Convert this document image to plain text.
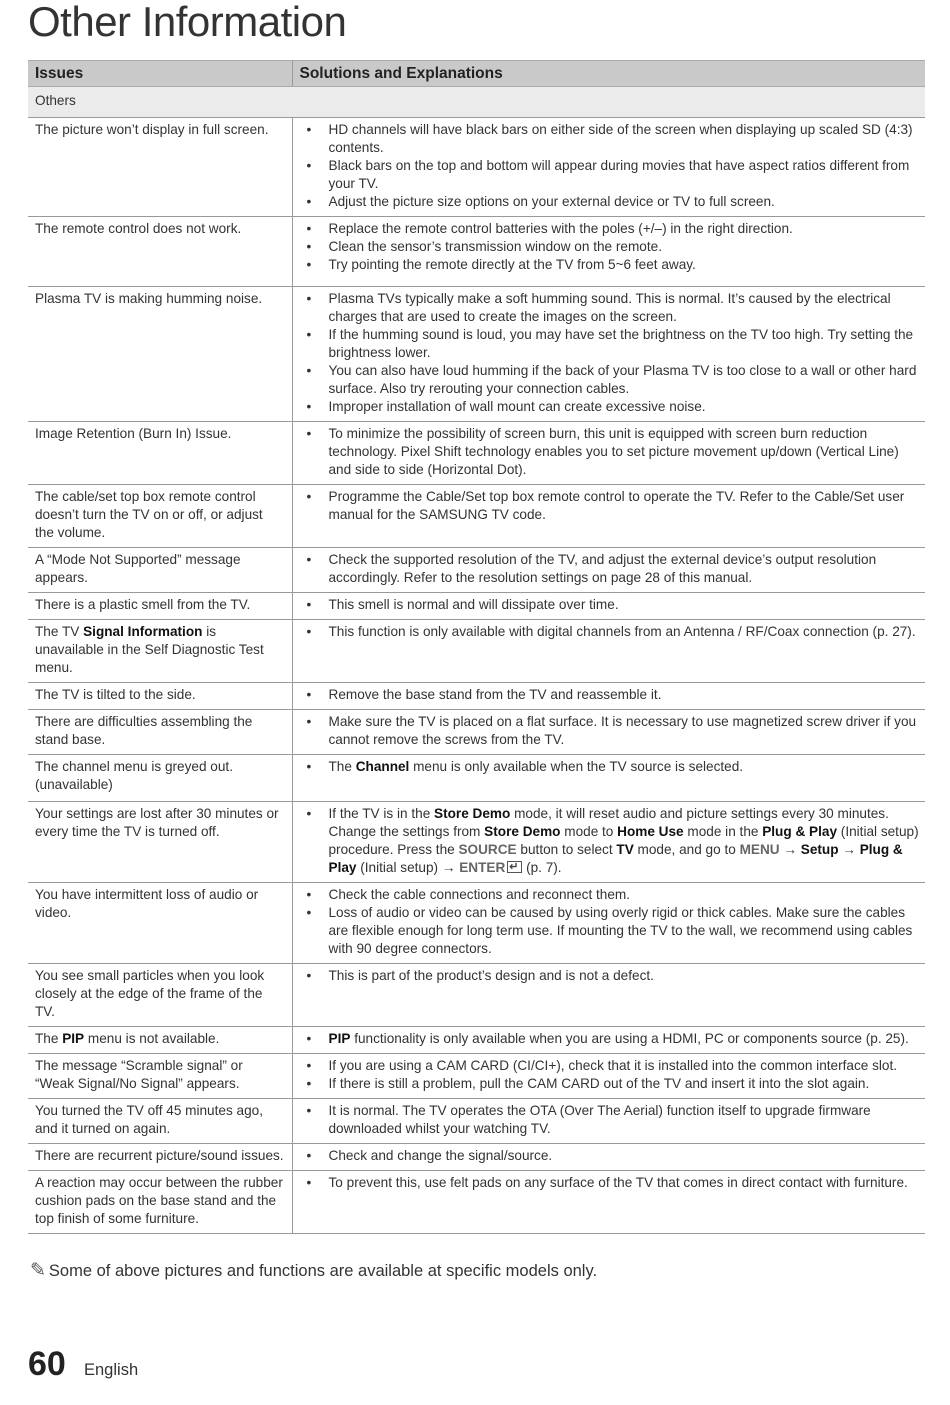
Other Information
Issues	Solutions and Explanations
Others	
The picture won’t display in full screen.	• HD channels will have black bars on either side of the screen when displaying up scaled SD (4:3) contents.
• Black bars on the top and bottom will appear during movies that have aspect ratios different from your TV.
• Adjust the picture size options on your external device or TV to full screen.

The remote control does not work.	• Replace the remote control batteries with the poles (+/–) in the right direction.
• Clean the sensor’s transmission window on the remote.
• Try pointing the remote directly at the TV from 5~6 feet away.

Plasma TV is making humming noise.	• Plasma TVs typically make a soft humming sound. This is normal. It’s caused by the electrical charges that are used to create the images on the screen.
• If the humming sound is loud, you may have set the brightness on the TV too high. Try setting the brightness lower.
• You can also have loud humming if the back of your Plasma TV is too close to a wall or other hard surface. Also try rerouting your connection cables.
• Improper installation of wall mount can create excessive noise.

Image Retention (Burn In) Issue.	• To minimize the possibility of screen burn, this unit is equipped with screen burn reduction technology. Pixel Shift technology enables you to set picture movement up/down (Vertical Line) and side to side (Horizontal Dot).

The cable/set top box remote control doesn’t turn the TV on or off, or adjust the volume.	• Programme the Cable/Set top box remote control to operate the TV. Refer to the Cable/Set user manual for the SAMSUNG TV code.

A “Mode Not Supported” message appears.	• Check the supported resolution of the TV, and adjust the external device’s output resolution accordingly. Refer to the resolution settings on page 28 of this manual.

There is a plastic smell from the TV.	• This smell is normal and will dissipate over time.

The TV Signal Information is unavailable in the Self Diagnostic Test menu.	• This function is only available with digital channels from an Antenna / RF/Coax connection (p. 27).

The TV is tilted to the side.	• Remove the base stand from the TV and reassemble it.

There are difficulties assembling the stand base.	• Make sure the TV is placed on a flat surface. It is necessary to use magnetized screw driver if you cannot remove the screws from the TV.

The channel menu is greyed out. (unavailable)	• The Channel menu is only available when the TV source is selected.

Your settings are lost after 30 minutes or every time the TV is turned off.	• If the TV is in the Store Demo mode, it will reset audio and picture settings every 30 minutes. Change the settings from Store Demo mode to Home Use mode in the Plug & Play (Initial setup) procedure. Press the SOURCE button to select TV mode, and go to MENU → Setup → Plug & Play (Initial setup) → ENTER↵ (p. 7).

You have intermittent loss of audio or video.	• Check the cable connections and reconnect them.
• Loss of audio or video can be caused by using overly rigid or thick cables. Make sure the cables are flexible enough for long term use. If mounting the TV to the wall, we recommend using cables with 90 degree connectors.

You see small particles when you look closely at the edge of the frame of the TV.	• This is part of the product’s design and is not a defect.

The PIP menu is not available.	• PIP functionality is only available when you are using a HDMI, PC or components source (p. 25).

The message “Scramble signal” or “Weak Signal/No Signal” appears.	• If you are using a CAM CARD (CI/CI+), check that it is installed into the common interface slot.
• If there is still a problem, pull the CAM CARD out of the TV and insert it into the slot again.

You turned the TV off 45 minutes ago, and it turned on again.	• It is normal. The TV operates the OTA (Over The Aerial) function itself to upgrade firmware downloaded whilst your watching TV.

There are recurrent picture/sound issues.	• Check and change the signal/source.

A reaction may occur between the rubber cushion pads on the base stand and the top finish of some furniture.	• To prevent this, use felt pads on any surface of the TV that comes in direct contact with furniture.
✎ Some of above pictures and functions are available at specific models only.
60 English
